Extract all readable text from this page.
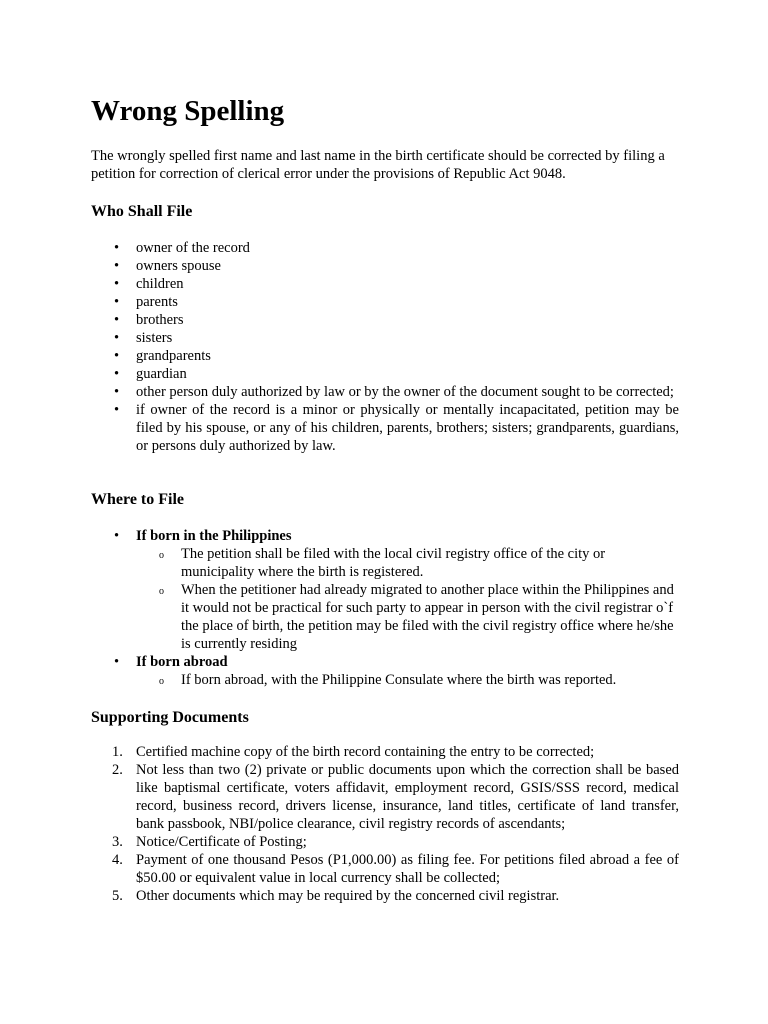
Wrong Spelling

The wrongly spelled first name and last name in the birth certificate should be corrected by filing a petition for correction of clerical error under the provisions of Republic Act 9048.

Who Shall File
• owner of the record
• owners spouse
• children
• parents
• brothers
• sisters
• grandparents
• guardian
• other person duly authorized by law or by the owner of the document sought to be corrected;
• if owner of the record is a minor or physically or mentally incapacitated, petition may be filed by his spouse, or any of his children, parents, brothers; sisters; grandparents, guardians, or persons duly authorized by law.
Where to File
• If born in the Philippines
o The petition shall be filed with the local civil registry office of the city or municipality where the birth is registered.
o When the petitioner had already migrated to another place within the Philippines and it would not be practical for such party to appear in person with the civil registrar o`f the place of birth, the petition may be filed with the civil registry office where he/she is currently residing
• If born abroad
o If born abroad, with the Philippine Consulate where the birth was reported.
Supporting Documents
1. Certified machine copy of the birth record containing the entry to be corrected;
2. Not less than two (2) private or public documents upon which the correction shall be based like baptismal certificate, voters affidavit, employment record, GSIS/SSS record, medical record, business record, drivers license, insurance, land titles, certificate of land transfer, bank passbook, NBI/police clearance, civil registry records of ascendants;
3. Notice/Certificate of Posting;
4. Payment of one thousand Pesos (P1,000.00) as filing fee. For petitions filed abroad a fee of $50.00 or equivalent value in local currency shall be collected;
5. Other documents which may be required by the concerned civil registrar.
